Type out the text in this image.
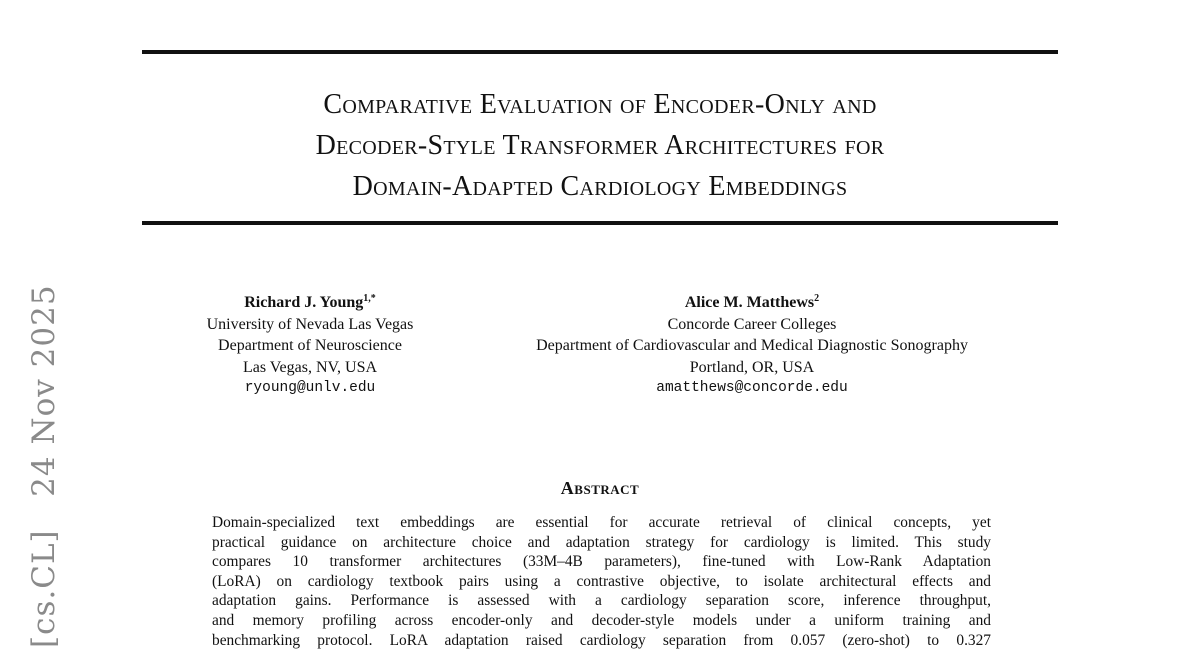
Comparative Evaluation of Encoder-Only and
Decoder-Style Transformer Architectures for
Domain-Adapted Cardiology Embeddings
Richard J. Young$^{1,*}$
University of Nevada Las Vegas
Department of Neuroscience
Las Vegas, NV, USA
ryoung@unlv.edu
Alice M. Matthews$^2$
Concorde Career Colleges
Department of Cardiovascular and Medical Diagnostic Sonography
Portland, OR, USA
amatthews@concorde.edu
[cs.CL]   24 Nov 2025	Abstract
Domain-specialized text embeddings are essential for accurate retrieval of clinical concepts, yet
practical guidance on architecture choice and adaptation strategy for cardiology is limited. This study
compares 10 transformer architectures (33M–4B parameters), fine-tuned with Low-Rank Adaptation
(LoRA) on cardiology textbook pairs using a contrastive objective, to isolate architectural effects and
adaptation gains. Performance is assessed with a cardiology separation score, inference throughput,
and memory profiling across encoder-only and decoder-style models under a uniform training and
benchmarking protocol. LoRA adaptation raised cardiology separation from 0.057 (zero-shot) to 0.327
